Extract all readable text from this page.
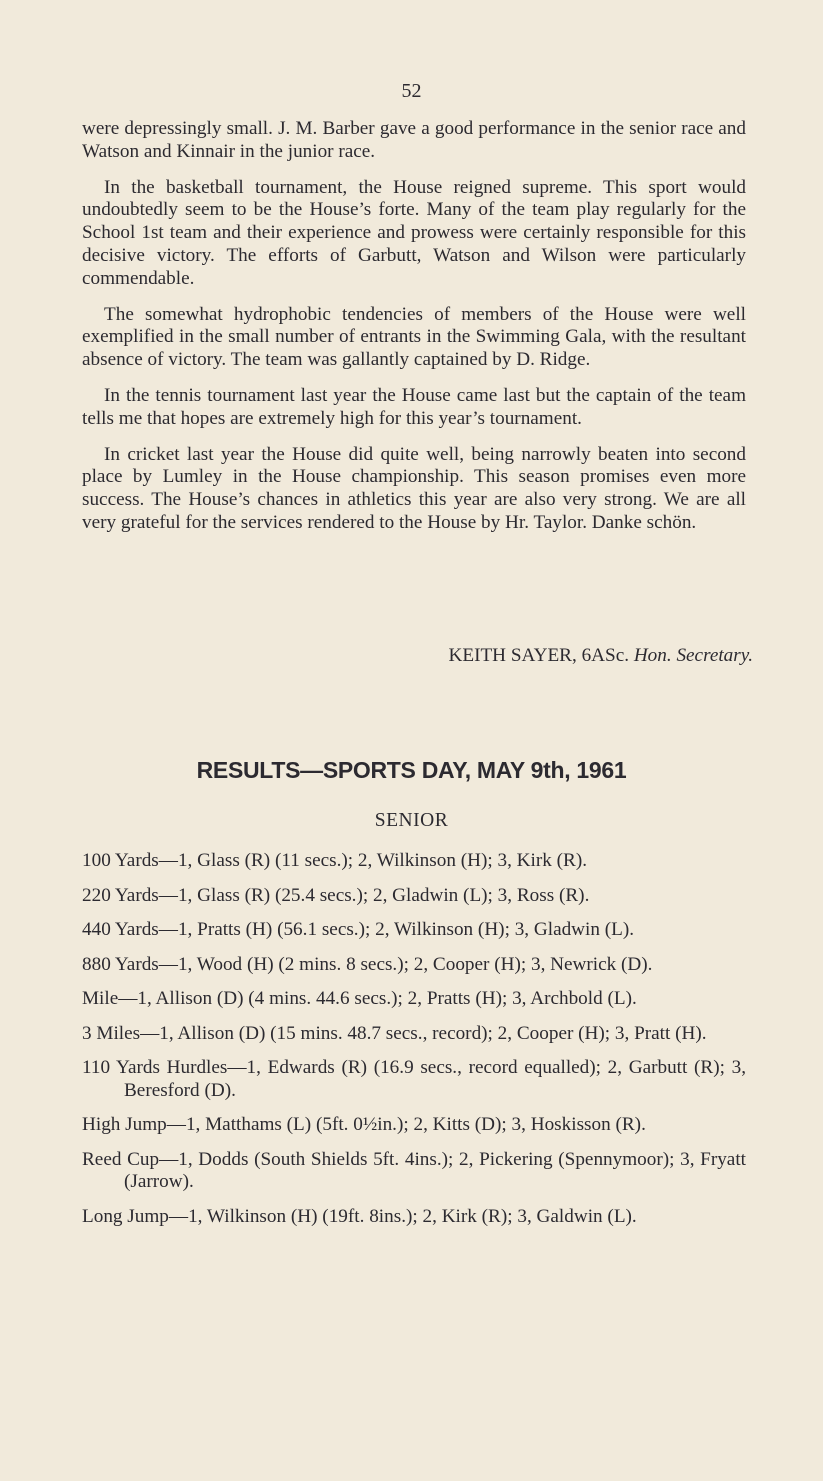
52

were depressingly small. J. M. Barber gave a good performance in the senior race and Watson and Kinnair in the junior race.

In the basketball tournament, the House reigned supreme. This sport would undoubtedly seem to be the House’s forte. Many of the team play regularly for the School 1st team and their experience and prowess were certainly responsible for this decisive victory. The efforts of Garbutt, Watson and Wilson were particularly commendable.

The somewhat hydrophobic tendencies of members of the House were well exemplified in the small number of entrants in the Swimming Gala, with the resultant absence of victory. The team was gallantly captained by D. Ridge.

In the tennis tournament last year the House came last but the captain of the team tells me that hopes are extremely high for this year’s tournament.

In cricket last year the House did quite well, being narrowly beaten into second place by Lumley in the House championship. This season promises even more success. The House’s chances in athletics this year are also very strong. We are all very grateful for the services rendered to the House by Hr. Taylor. Danke schön.

KEITH SAYER, 6ASc. Hon. Secretary.
RESULTS—SPORTS DAY, MAY 9th, 1961
SENIOR

100 Yards—1, Glass (R) (11 secs.); 2, Wilkinson (H); 3, Kirk (R).

220 Yards—1, Glass (R) (25.4 secs.); 2, Gladwin (L); 3, Ross (R).

440 Yards—1, Pratts (H) (56.1 secs.); 2, Wilkinson (H); 3, Gladwin (L).

880 Yards—1, Wood (H) (2 mins. 8 secs.); 2, Cooper (H); 3, Newrick (D).

Mile—1, Allison (D) (4 mins. 44.6 secs.); 2, Pratts (H); 3, Archbold (L).

3 Miles—1, Allison (D) (15 mins. 48.7 secs., record); 2, Cooper (H); 3, Pratt (H).

110 Yards Hurdles—1, Edwards (R) (16.9 secs., record equalled); 2, Garbutt (R); 3, Beresford (D).

High Jump—1, Matthams (L) (5ft. 0½in.); 2, Kitts (D); 3, Hoskisson (R).

Reed Cup—1, Dodds (South Shields 5ft. 4ins.); 2, Pickering (Spennymoor); 3, Fryatt (Jarrow).

Long Jump—1, Wilkinson (H) (19ft. 8ins.); 2, Kirk (R); 3, Galdwin (L).
